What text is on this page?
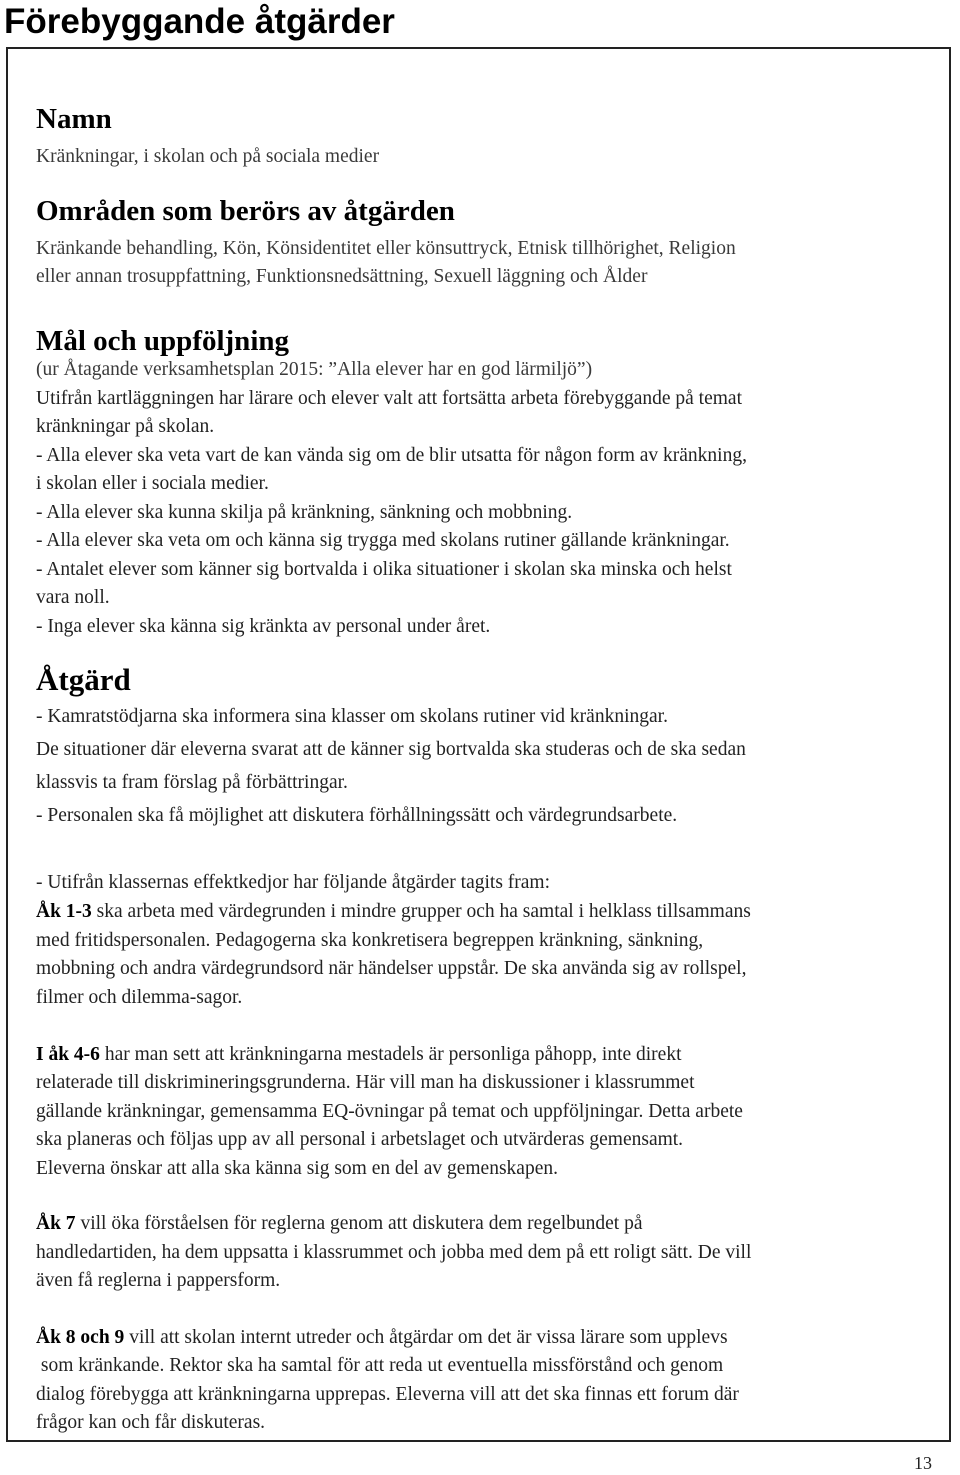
Förebyggande åtgärder
Namn

Kränkningar, i skolan och på sociala medier

Områden som berörs av åtgärden

Kränkande behandling, Kön, Könsidentitet eller könsuttryck, Etnisk tillhörighet, Religion

eller annan trosuppfattning, Funktionsnedsättning, Sexuell läggning och Ålder

Mål och uppföljning

(ur Åtagande verksamhetsplan 2015: ”Alla elever har en god lärmiljö”)

Utifrån kartläggningen har lärare och elever valt att fortsätta arbeta förebyggande på temat

kränkningar på skolan.

- Alla elever ska veta vart de kan vända sig om de blir utsatta för någon form av kränkning,

i skolan eller i sociala medier.

- Alla elever ska kunna skilja på kränkning, sänkning och mobbning.

- Alla elever ska veta om och känna sig trygga med skolans rutiner gällande kränkningar.

- Antalet elever som känner sig bortvalda i olika situationer i skolan ska minska och helst

vara noll.

- Inga elever ska känna sig kränkta av personal under året.

Åtgärd

- Kamratstödjarna ska informera sina klasser om skolans rutiner vid kränkningar.

De situationer där eleverna svarat att de känner sig bortvalda ska studeras och de ska sedan

klassvis ta fram förslag på förbättringar.

- Personalen ska få möjlighet att diskutera förhållningssätt och värdegrundsarbete.

- Utifrån klassernas effektkedjor har följande åtgärder tagits fram:

Åk 1-3 ska arbeta med värdegrunden i mindre grupper och ha samtal i helklass tillsammans

med fritidspersonalen. Pedagogerna ska konkretisera begreppen kränkning, sänkning,

mobbning och andra värdegrundsord när händelser uppstår. De ska använda sig av rollspel,

filmer och dilemma-sagor.

I åk 4-6 har man sett att kränkningarna mestadels är personliga påhopp, inte direkt

relaterade till diskrimineringsgrunderna. Här vill man ha diskussioner i klassrummet

gällande kränkningar, gemensamma EQ-övningar på temat och uppföljningar. Detta arbete

ska planeras och följas upp av all personal i arbetslaget och utvärderas gemensamt.

Eleverna önskar att alla ska känna sig som en del av gemenskapen.

Åk 7 vill öka förståelsen för reglerna genom att diskutera dem regelbundet på

handledartiden, ha dem uppsatta i klassrummet och jobba med dem på ett roligt sätt. De vill

även få reglerna i pappersform.

Åk 8 och 9 vill att skolan internt utreder och åtgärdar om det är vissa lärare som upplevs

som kränkande. Rektor ska ha samtal för att reda ut eventuella missförstånd och genom

dialog förebygga att kränkningarna upprepas. Eleverna vill att det ska finnas ett forum där

frågor kan och får diskuteras.

13
